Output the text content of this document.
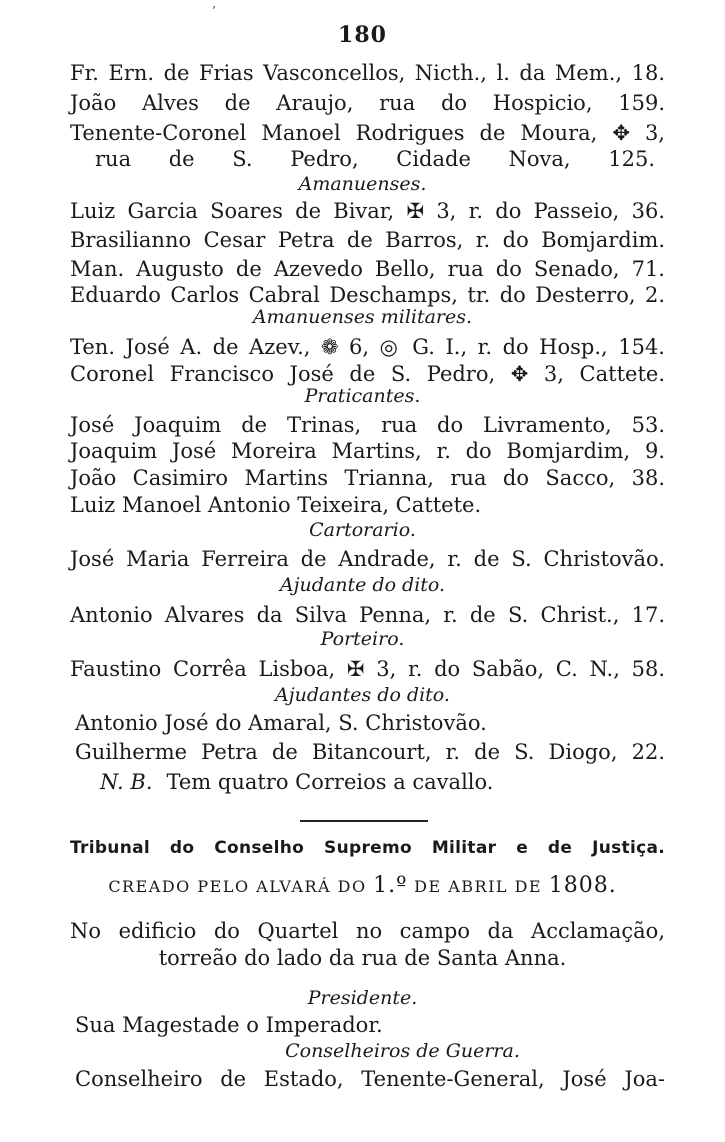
’
180
Fr. Ern. de Frias Vasconcellos, Nicth., l. da Mem., 18.
João Alves de Araujo, rua do Hospicio, 159.
Tenente-Coronel Manoel Rodrigues de Moura, ✥ 3,
rua de S. Pedro, Cidade Nova, 125.
Amanuenses.
Luiz Garcia Soares de Bivar, ✠ 3, r. do Passeio, 36.
Brasilianno Cesar Petra de Barros, r. do Bomjardim.
Man. Augusto de Azevedo Bello, rua do Senado, 71.
Eduardo Carlos Cabral Deschamps, tr. do Desterro, 2.
Amanuenses militares.
Ten. José A. de Azev., ❁ 6, ◎ G. I., r. do Hosp., 154.
Coronel Francisco José de S. Pedro, ✥ 3, Cattete.
Praticantes.
José Joaquim de Trinas, rua do Livramento, 53.
Joaquim José Moreira Martins, r. do Bomjardim, 9.
João Casimiro Martins Trianna, rua do Sacco, 38.
Luiz Manoel Antonio Teixeira, Cattete.
Cartorario.
José Maria Ferreira de Andrade, r. de S. Christovão.
Ajudante do dito.
Antonio Alvares da Silva Penna, r. de S. Christ., 17.
Porteiro.
Faustino Corrêa Lisboa, ✠ 3, r. do Sabão, C. N., 58.
Ajudantes do dito.
Antonio José do Amaral, S. Christovão.
Guilherme Petra de Bitancourt, r. de S. Diogo, 22.
N. B. Tem quatro Correios a cavallo.
Tribunal do Conselho Supremo Militar e de Justiça.
CREADO PELO ALVARÁ DO 1.º DE ABRIL DE 1808.
No edificio do Quartel no campo da Acclamação,
torreão do lado da rua de Santa Anna.
Presidente.
Sua Magestade o Imperador.
Conselheiros de Guerra.
Conselheiro de Estado, Tenente-General, José Joa-
